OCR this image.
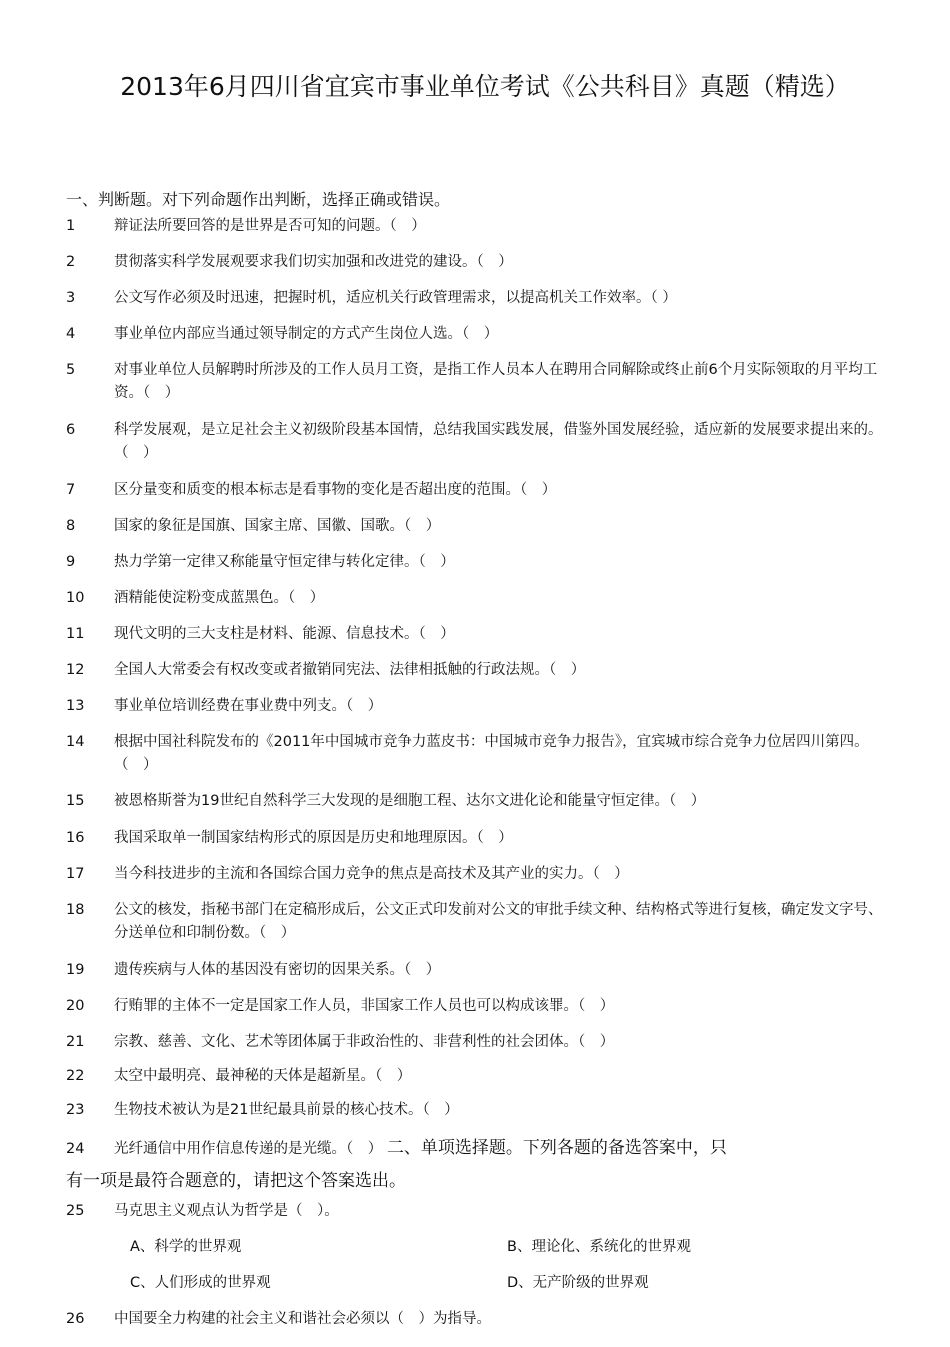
2013年6月四川省宜宾市事业单位考试《公共科目》真题（精选）
一、判断题。对下列命题作出判断，选择正确或错误。
1	辩证法所要回答的是世界是否可知的问题。（　）
2	贯彻落实科学发展观要求我们切实加强和改进党的建设。（　）
3	公文写作必须及时迅速，把握时机，适应机关行政管理需求，以提高机关工作效率。（ ）
4	事业单位内部应当通过领导制定的方式产生岗位人选。（　）
5	对事业单位人员解聘时所涉及的工作人员月工资，是指工作人员本人在聘用合同解除或终止前6个月实际领取的月平均工资。（　）
6	科学发展观，是立足社会主义初级阶段基本国情，总结我国实践发展，借鉴外国发展经验，适应新的发展要求提出来的。（　）
7	区分量变和质变的根本标志是看事物的变化是否超出度的范围。（　）
8	国家的象征是国旗、国家主席、国徽、国歌。（　）
9	热力学第一定律又称能量守恒定律与转化定律。（　）
10	酒精能使淀粉变成蓝黑色。（　）
11	现代文明的三大支柱是材料、能源、信息技术。（　）
12	全国人大常委会有权改变或者撤销同宪法、法律相抵触的行政法规。（　）
13	事业单位培训经费在事业费中列支。（　）
14	根据中国社科院发布的《2011年中国城市竞争力蓝皮书：中国城市竞争力报告》，宜宾城市综合竞争力位居四川第四。（　）
15	被恩格斯誉为19世纪自然科学三大发现的是细胞工程、达尔文进化论和能量守恒定律。（　）
16	我国采取单一制国家结构形式的原因是历史和地理原因。（　）
17	当今科技进步的主流和各国综合国力竞争的焦点是高技术及其产业的实力。（　）
18	公文的核发，指秘书部门在定稿形成后，公文正式印发前对公文的审批手续文种、结构格式等进行复核，确定发文字号、分送单位和印制份数。（　）
19	遗传疾病与人体的基因没有密切的因果关系。（　）
20	行贿罪的主体不一定是国家工作人员，非国家工作人员也可以构成该罪。（　）
21	宗教、慈善、文化、艺术等团体属于非政治性的、非营利性的社会团体。（　）
22	太空中最明亮、最神秘的天体是超新星。（　）
23	生物技术被认为是21世纪最具前景的核心技术。（　）
24 光纤通信中用作信息传递的是光缆。（　） 二、单项选择题。下列各题的备选答案中，只
有一项是最符合题意的，请把这个答案选出。
25	马克思主义观点认为哲学是（　）。
A、科学的世界观	B、理论化、系统化的世界观
C、人们形成的世界观	D、无产阶级的世界观
26	中国要全力构建的社会主义和谐社会必须以（　）为指导。
